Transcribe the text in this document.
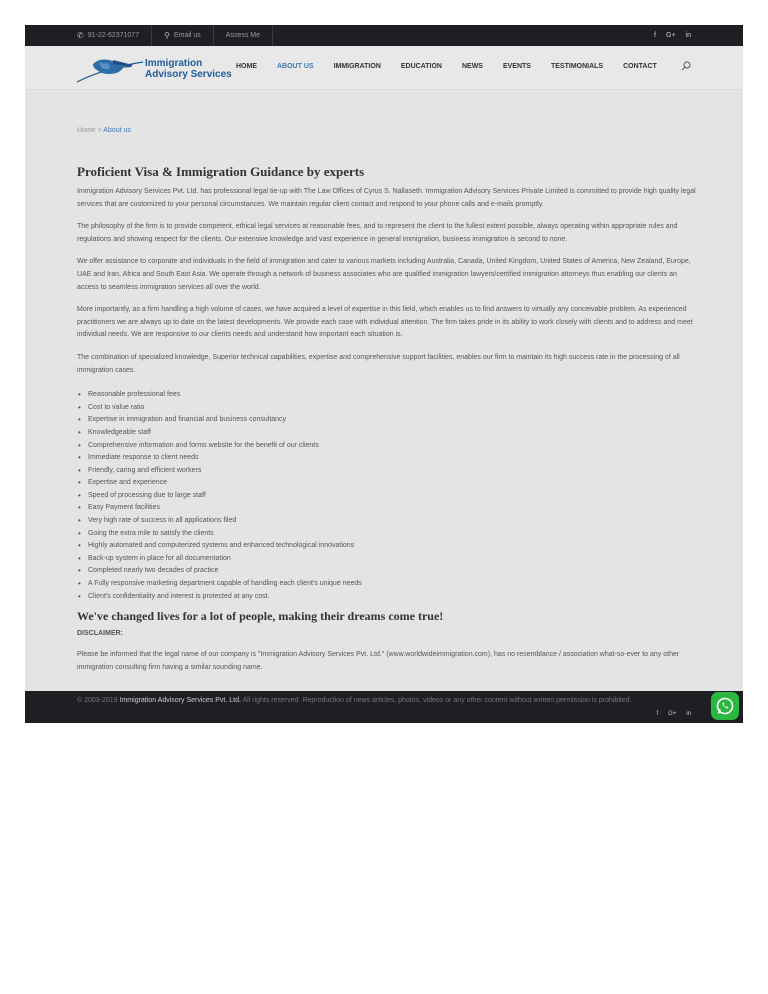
✆ 91-22-62371077	⚲ Email us	Assess Me	f G+ in
Immigration
Advisory Services
HOME	ABOUT US	IMMIGRATION	EDUCATION	NEWS	EVENTS	TESTIMONIALS	CONTACT
Home > About us
Proficient Visa & Immigration Guidance by experts

Immigration Advisory Services Pvt. Ltd. has professional legal tie-up with The Law Offices of Cyrus S. Nallaseth. Immigration Advisory Services Private Limited is committed to provide high quality legal services that are customized to your personal circumstances. We maintain regular client contact and respond to your phone calls and e-mails promptly.

The philosophy of the firm is to provide competent, ethical legal services at reasonable fees, and to represent the client to the fullest extent possible, always operating within appropriate rules and regulations and showing respect for the clients. Our extensive knowledge and vast experience in general immigration, business immigration is second to none.

We offer assistance to corporate and individuals in the field of immigration and cater to various markets including Australia, Canada, United Kingdom, United States of America, New Zealand, Europe, UAE and Iran, Africa and South East Asia. We operate through a network of business associates who are qualified immigration lawyers/certified immigration attorneys thus enabling our clients an access to seamless immigration services all over the world.

More importantly, as a firm handling a high volume of cases, we have acquired a level of expertise in this field, which enables us to find answers to virtually any conceivable problem. As experienced practitioners we are always up to date on the latest developments. We provide each case with individual attention. The firm takes pride in its ability to work closely with clients and to address and meet individual needs. We are responsive to our clients needs and understand how important each situation is.

The combination of specialized knowledge, Superior technical capabilities, expertise and comprehensive support facilities, enables our firm to maintain its high success rate in the processing of all immigration cases.

• Reasonable professional fees
• Cost to value ratio
• Expertise in immigration and financial and business consultancy
• Knowledgeable staff
• Comprehensive information and forms website for the benefit of our clients
• Immediate response to client needs
• Friendly, caring and efficient workers
• Expertise and experience
• Speed of processing due to large staff
• Easy Payment facilities
• Very high rate of success in all applications filed
• Going the extra mile to satisfy the clients
• Highly automated and computerized systems and enhanced technological innovations
• Back-up system in place for all documentation
• Completed nearly two decades of practice
• A Fully responsive marketing department capable of handling each client's unique needs
• Client's confidentiality and interest is protected at any cost.
We've changed lives for a lot of people, making their dreams come true!
DISCLAIMER:

Please be informed that the legal name of our company is "Immigration Advisory Services Pvt. Ltd." (www.worldwideimmigration.com), has no resemblance / association what-so-ever to any other immigration consulting firm having a similar sounding name.

© 2003-2019 Immigration Advisory Services Pvt. Ltd. All rights reserved. Reproduction of news articles, photos, videos or any other content without written permission is prohibited.
f G+ in
